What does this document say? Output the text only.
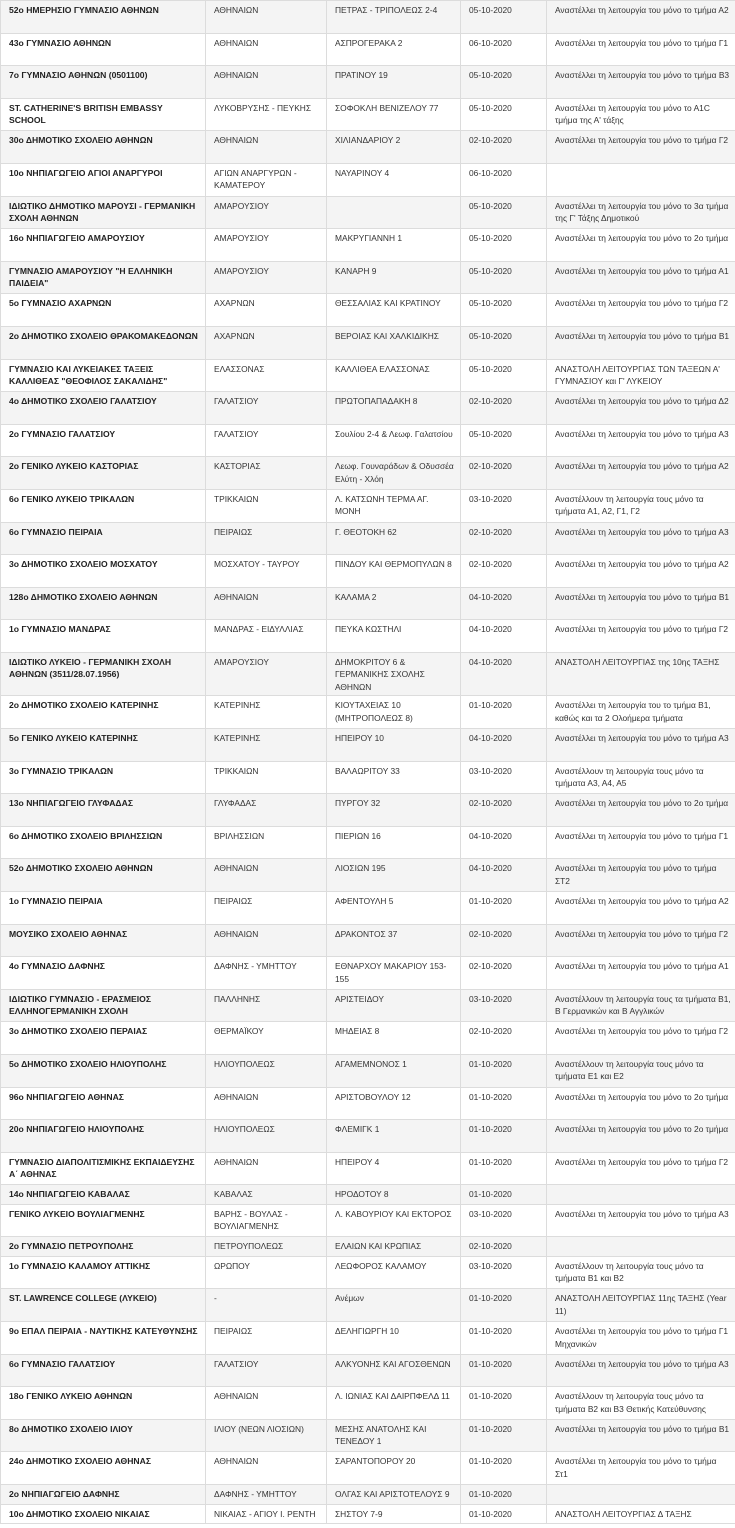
52ο ΗΜΕΡΗΣΙΟ ΓΥΜΝΑΣΙΟ ΑΘΗΝΩΝ	ΑΘΗΝΑΙΩΝ	ΠΕΤΡΑΣ - ΤΡΙΠΟΛΕΩΣ 2-4	05-10-2020	Αναστέλλει τη λειτουργία του μόνο το τμήμα Α2
43ο ΓΥΜΝΑΣΙΟ ΑΘΗΝΩΝ	ΑΘΗΝΑΙΩΝ	ΑΣΠΡΟΓΕΡΑΚΑ 2	06-10-2020	Αναστέλλει τη λειτουργία του μόνο το τμήμα Γ1
7ο ΓΥΜΝΑΣΙΟ ΑΘΗΝΩΝ (0501100)	ΑΘΗΝΑΙΩΝ	ΠΡΑΤΙΝΟΥ 19	05-10-2020	Αναστέλλει τη λειτουργία του μόνο το τμήμα Β3
ST. CATHERINE'S BRITISH EMBASSY SCHOOL	ΛΥΚΟΒΡΥΣΗΣ - ΠΕΥΚΗΣ	ΣΟΦΟΚΛΗ ΒΕΝΙΖΕΛΟΥ 77	05-10-2020	Αναστέλλει τη λειτουργία του μόνο το Α1C τμήμα της Α' τάξης
30ο ΔΗΜΟΤΙΚΟ ΣΧΟΛΕΙΟ ΑΘΗΝΩΝ	ΑΘΗΝΑΙΩΝ	ΧΙΛΙΑΝΔΑΡΙΟΥ 2	02-10-2020	Αναστέλλει τη λειτουργία του μόνο το τμήμα Γ2
10ο ΝΗΠΙΑΓΩΓΕΙΟ ΑΓΙΟΙ ΑΝΑΡΓΥΡΟΙ	ΑΓΙΩΝ ΑΝΑΡΓΥΡΩΝ - ΚΑΜΑΤΕΡΟΥ	ΝΑΥΑΡΙΝΟΥ 4	06-10-2020	
ΙΔΙΩΤΙΚΟ ΔΗΜΟΤΙΚΟ ΜΑΡΟΥΣΙ - ΓΕΡΜΑΝΙΚΗ ΣΧΟΛΗ ΑΘΗΝΩΝ	ΑΜΑΡΟΥΣΙΟΥ		05-10-2020	Αναστέλλει τη λειτουργία του μόνο το 3α τμήμα της Γ' Τάξης Δημοτικού
16ο ΝΗΠΙΑΓΩΓΕΙΟ ΑΜΑΡΟΥΣΙΟΥ	ΑΜΑΡΟΥΣΙΟΥ	ΜΑΚΡΥΓΙΑΝΝΗ 1	05-10-2020	Αναστέλλει τη λειτουργία του μόνο το 2ο τμήμα
ΓΥΜΝΑΣΙΟ ΑΜΑΡΟΥΣΙΟΥ "Η ΕΛΛΗΝΙΚΗ ΠΑΙΔΕΙΑ"	ΑΜΑΡΟΥΣΙΟΥ	ΚΑΝΑΡΗ 9	05-10-2020	Αναστέλλει τη λειτουργία του μόνο το τμήμα Α1
5ο ΓΥΜΝΑΣΙΟ ΑΧΑΡΝΩΝ	ΑΧΑΡΝΩΝ	ΘΕΣΣΑΛΙΑΣ ΚΑΙ ΚΡΑΤΙΝΟΥ	05-10-2020	Αναστέλλει τη λειτουργία του μόνο το τμήμα Γ2
2ο ΔΗΜΟΤΙΚΟ ΣΧΟΛΕΙΟ ΘΡΑΚΟΜΑΚΕΔΟΝΩΝ	ΑΧΑΡΝΩΝ	ΒΕΡΟΙΑΣ ΚΑΙ ΧΑΛΚΙΔΙΚΗΣ	05-10-2020	Αναστέλλει τη λειτουργία του μόνο το τμήμα Β1
ΓΥΜΝΑΣΙΟ ΚΑΙ ΛΥΚΕΙΑΚΕΣ ΤΑΞΕΙΣ ΚΑΛΛΙΘΕΑΣ "ΘΕΟΦΙΛΟΣ ΣΑΚΑΛΙΔΗΣ"	ΕΛΑΣΣΟΝΑΣ	ΚΑΛΛΙΘΕΑ ΕΛΑΣΣΟΝΑΣ	05-10-2020	ΑΝΑΣΤΟΛΗ ΛΕΙΤΟΥΡΓΙΑΣ ΤΩΝ ΤΑΞΕΩΝ Α' ΓΥΜΝΑΣΙΟΥ και Γ' ΛΥΚΕΙΟΥ
4ο ΔΗΜΟΤΙΚΟ ΣΧΟΛΕΙΟ ΓΑΛΑΤΣΙΟΥ	ΓΑΛΑΤΣΙΟΥ	ΠΡΩΤΟΠΑΠΑΔΑΚΗ 8	02-10-2020	Αναστέλλει τη λειτουργία του μόνο το τμήμα Δ2
2ο ΓΥΜΝΑΣΙΟ ΓΑΛΑΤΣΙΟΥ	ΓΑΛΑΤΣΙΟΥ	Σουλίου 2-4 & Λεωφ. Γαλατσίου	05-10-2020	Αναστέλλει τη λειτουργία του μόνο το τμήμα Α3
2ο ΓΕΝΙΚΟ ΛΥΚΕΙΟ ΚΑΣΤΟΡΙΑΣ	ΚΑΣΤΟΡΙΑΣ	Λεωφ. Γουναράδων & Οδυσσέα Ελύτη - Χλόη	02-10-2020	Αναστέλλει τη λειτουργία του μόνο το τμήμα Α2
6ο ΓΕΝΙΚΟ ΛΥΚΕΙΟ ΤΡΙΚΑΛΩΝ	ΤΡΙΚΚΑΙΩΝ	Λ. ΚΑΤΣΩΝΗ ΤΕΡΜΑ ΑΓ. ΜΟΝΗ	03-10-2020	Αναστέλλουν τη λειτουργία τους μόνο τα τμήματα Α1, Α2, Γ1, Γ2
6ο ΓΥΜΝΑΣΙΟ ΠΕΙΡΑΙΑ	ΠΕΙΡΑΙΩΣ	Γ. ΘΕΟΤΟΚΗ 62	02-10-2020	Αναστέλλει τη λειτουργία του μόνο το τμήμα Α3
3ο ΔΗΜΟΤΙΚΟ ΣΧΟΛΕΙΟ ΜΟΣΧΑΤΟΥ	ΜΟΣΧΑΤΟΥ - ΤΑΥΡΟΥ	ΠΙΝΔΟΥ ΚΑΙ ΘΕΡΜΟΠΥΛΩΝ 8	02-10-2020	Αναστέλλει τη λειτουργία του μόνο το τμήμα Α2
128ο ΔΗΜΟΤΙΚΟ ΣΧΟΛΕΙΟ ΑΘΗΝΩΝ	ΑΘΗΝΑΙΩΝ	ΚΑΛΑΜΑ 2	04-10-2020	Αναστέλλει τη λειτουργία του μόνο το τμήμα Β1
1ο ΓΥΜΝΑΣΙΟ ΜΑΝΔΡΑΣ	ΜΑΝΔΡΑΣ - ΕΙΔΥΛΛΙΑΣ	ΠΕΥΚΑ ΚΩΣΤΗΛΙ	04-10-2020	Αναστέλλει τη λειτουργία του μόνο το τμήμα Γ2
ΙΔΙΩΤΙΚΟ ΛΥΚΕΙΟ - ΓΕΡΜΑΝΙΚΗ ΣΧΟΛΗ ΑΘΗΝΩΝ (3511/28.07.1956)	ΑΜΑΡΟΥΣΙΟΥ	ΔΗΜΟΚΡΙΤΟΥ 6 & ΓΕΡΜΑΝΙΚΗΣ ΣΧΟΛΗΣ ΑΘΗΝΩΝ	04-10-2020	ΑΝΑΣΤΟΛΗ ΛΕΙΤΟΥΡΓΙΑΣ της 10ης ΤΑΞΗΣ
2ο ΔΗΜΟΤΙΚΟ ΣΧΟΛΕΙΟ ΚΑΤΕΡΙΝΗΣ	ΚΑΤΕΡΙΝΗΣ	ΚΙΟΥΤΑΧΕΙΑΣ 10 (ΜΗΤΡΟΠΟΛΕΩΣ 8)	01-10-2020	Αναστέλλει τη λειτουργία του το τμήμα Β1, καθώς και τα 2 Ολοήμερα τμήματα
5ο ΓΕΝΙΚΟ ΛΥΚΕΙΟ ΚΑΤΕΡΙΝΗΣ	ΚΑΤΕΡΙΝΗΣ	ΗΠΕΙΡΟΥ 10	04-10-2020	Αναστέλλει τη λειτουργία του μόνο το τμήμα Α3
3ο ΓΥΜΝΑΣΙΟ ΤΡΙΚΑΛΩΝ	ΤΡΙΚΚΑΙΩΝ	ΒΑΛΑΩΡΙΤΟΥ 33	03-10-2020	Αναστέλλουν τη λειτουργία τους μόνο τα τμήματα Α3, Α4, Α5
13ο ΝΗΠΙΑΓΩΓΕΙΟ ΓΛΥΦΑΔΑΣ	ΓΛΥΦΑΔΑΣ	ΠΥΡΓΟΥ 32	02-10-2020	Αναστέλλει τη λειτουργία του μόνο το 2ο τμήμα
6ο ΔΗΜΟΤΙΚΟ ΣΧΟΛΕΙΟ ΒΡΙΛΗΣΣΙΩΝ	ΒΡΙΛΗΣΣΙΩΝ	ΠΙΕΡΙΩΝ 16	04-10-2020	Αναστέλλει τη λειτουργία του μόνο το τμήμα Γ1
52ο ΔΗΜΟΤΙΚΟ ΣΧΟΛΕΙΟ ΑΘΗΝΩΝ	ΑΘΗΝΑΙΩΝ	ΛΙΟΣΙΩΝ 195	04-10-2020	Αναστέλλει τη λειτουργία του μόνο το τμήμα ΣΤ2
1ο ΓΥΜΝΑΣΙΟ ΠΕΙΡΑΙΑ	ΠΕΙΡΑΙΩΣ	ΑΦΕΝΤΟΥΛΗ 5	01-10-2020	Αναστέλλει τη λειτουργία του μόνο το τμήμα Α2
ΜΟΥΣΙΚΟ ΣΧΟΛΕΙΟ ΑΘΗΝΑΣ	ΑΘΗΝΑΙΩΝ	ΔΡΑΚΟΝΤΟΣ 37	02-10-2020	Αναστέλλει τη λειτουργία του μόνο το τμήμα Γ2
4ο ΓΥΜΝΑΣΙΟ ΔΑΦΝΗΣ	ΔΑΦΝΗΣ - ΥΜΗΤΤΟΥ	ΕΘΝΑΡΧΟΥ ΜΑΚΑΡΙΟΥ 153-155	02-10-2020	Αναστέλλει τη λειτουργία του μόνο το τμήμα Α1
ΙΔΙΩΤΙΚΟ ΓΥΜΝΑΣΙΟ - ΕΡΑΣΜΕΙΟΣ ΕΛΛΗΝΟΓΕΡΜΑΝΙΚΗ ΣΧΟΛΗ	ΠΑΛΛΗΝΗΣ	ΑΡΙΣΤΕΙΔΟΥ	03-10-2020	Αναστέλλουν τη λειτουργία τους τα τμήματα Β1, Β Γερμανικών και Β Αγγλικών
3ο ΔΗΜΟΤΙΚΟ ΣΧΟΛΕΙΟ ΠΕΡΑΙΑΣ	ΘΕΡΜΑΪΚΟΥ	ΜΗΔΕΙΑΣ 8	02-10-2020	Αναστέλλει τη λειτουργία του μόνο το τμήμα Γ2
5ο ΔΗΜΟΤΙΚΟ ΣΧΟΛΕΙΟ ΗΛΙΟΥΠΟΛΗΣ	ΗΛΙΟΥΠΟΛΕΩΣ	ΑΓΑΜΕΜΝΟΝΟΣ 1	01-10-2020	Αναστέλλουν τη λειτουργία τους μόνο τα τμήματα Ε1 και Ε2
96ο ΝΗΠΙΑΓΩΓΕΙΟ ΑΘΗΝΑΣ	ΑΘΗΝΑΙΩΝ	ΑΡΙΣΤΟΒΟΥΛΟΥ 12	01-10-2020	Αναστέλλει τη λειτουργία του μόνο το 2ο τμήμα
20ο ΝΗΠΙΑΓΩΓΕΙΟ ΗΛΙΟΥΠΟΛΗΣ	ΗΛΙΟΥΠΟΛΕΩΣ	ΦΛΕΜΙΓΚ 1	01-10-2020	Αναστέλλει τη λειτουργία του μόνο το 2ο τμήμα
ΓΥΜΝΑΣΙΟ ΔΙΑΠΟΛΙΤΙΣΜΙΚΗΣ ΕΚΠΑΙΔΕΥΣΗΣ Α΄ ΑΘΗΝΑΣ	ΑΘΗΝΑΙΩΝ	ΗΠΕΙΡΟΥ 4	01-10-2020	Αναστέλλει τη λειτουργία του μόνο το τμήμα Γ2
14ο ΝΗΠΙΑΓΩΓΕΙΟ ΚΑΒΑΛΑΣ	ΚΑΒΑΛΑΣ	ΗΡΟΔΟΤΟΥ 8	01-10-2020	
ΓΕΝΙΚΟ ΛΥΚΕΙΟ ΒΟΥΛΙΑΓΜΕΝΗΣ	ΒΑΡΗΣ - ΒΟΥΛΑΣ - ΒΟΥΛΙΑΓΜΕΝΗΣ	Λ. ΚΑΒΟΥΡΙΟΥ ΚΑΙ ΕΚΤΟΡΟΣ	03-10-2020	Αναστέλλει τη λειτουργία του μόνο το τμήμα Α3
2ο ΓΥΜΝΑΣΙΟ ΠΕΤΡΟΥΠΟΛΗΣ	ΠΕΤΡΟΥΠΟΛΕΩΣ	ΕΛΑΙΩΝ ΚΑΙ ΚΡΩΠΙΑΣ	02-10-2020	
1ο ΓΥΜΝΑΣΙΟ ΚΑΛΑΜΟΥ ΑΤΤΙΚΗΣ	ΩΡΩΠΟΥ	ΛΕΩΦΟΡΟΣ ΚΑΛΑΜΟΥ	03-10-2020	Αναστέλλουν τη λειτουργία τους μόνο τα τμήματα Β1 και Β2
ST. LAWRENCE COLLEGE (ΛΥΚΕΙΟ)	-	Ανέμων	01-10-2020	ΑΝΑΣΤΟΛΗ ΛΕΙΤΟΥΡΓΙΑΣ 11ης ΤΑΞΗΣ (Year 11)
9ο ΕΠΑΛ ΠΕΙΡΑΙΑ - ΝΑΥΤΙΚΗΣ ΚΑΤΕΥΘΥΝΣΗΣ	ΠΕΙΡΑΙΩΣ	ΔΕΛΗΓΙΩΡΓΗ 10	01-10-2020	Αναστέλλει τη λειτουργία του μόνο το τμήμα Γ1 Μηχανικών
6ο ΓΥΜΝΑΣΙΟ ΓΑΛΑΤΣΙΟΥ	ΓΑΛΑΤΣΙΟΥ	ΑΛΚΥΟΝΗΣ ΚΑΙ ΑΓΟΣΘΕΝΩΝ	01-10-2020	Αναστέλλει τη λειτουργία του μόνο το τμήμα Α3
18ο ΓΕΝΙΚΟ ΛΥΚΕΙΟ ΑΘΗΝΩΝ	ΑΘΗΝΑΙΩΝ	Λ. ΙΩΝΙΑΣ ΚΑΙ ΔΑΙΡΠΦΕΛΔ 11	01-10-2020	Αναστέλλουν τη λειτουργία τους μόνο τα τμήματα Β2 και Β3 Θετικής Κατεύθυνσης
8ο ΔΗΜΟΤΙΚΟ ΣΧΟΛΕΙΟ ΙΛΙΟΥ	ΙΛΙΟΥ (ΝΕΩΝ ΛΙΟΣΙΩΝ)	ΜΕΣΗΣ ΑΝΑΤΟΛΗΣ ΚΑΙ ΤΕΝΕΔΟΥ 1	01-10-2020	Αναστέλλει τη λειτουργία του μόνο το τμήμα Β1
24ο ΔΗΜΟΤΙΚΟ ΣΧΟΛΕΙΟ ΑΘΗΝΑΣ	ΑΘΗΝΑΙΩΝ	ΣΑΡΑΝΤΟΠΟΡΟΥ 20	01-10-2020	Αναστέλλει τη λειτουργία του μόνο το τμήμα Στ1
2ο ΝΗΠΙΑΓΩΓΕΙΟ ΔΑΦΝΗΣ	ΔΑΦΝΗΣ - ΥΜΗΤΤΟΥ	ΟΛΓΑΣ ΚΑΙ ΑΡΙΣΤΟΤΕΛΟΥΣ 9	01-10-2020	
10ο ΔΗΜΟΤΙΚΟ ΣΧΟΛΕΙΟ ΝΙΚΑΙΑΣ	ΝΙΚΑΙΑΣ - ΑΓΙΟΥ Ι. ΡΕΝΤΗ	ΣΗΣΤΟΥ 7-9	01-10-2020	ΑΝΑΣΤΟΛΗ ΛΕΙΤΟΥΡΓΙΑΣ Δ ΤΑΞΗΣ
